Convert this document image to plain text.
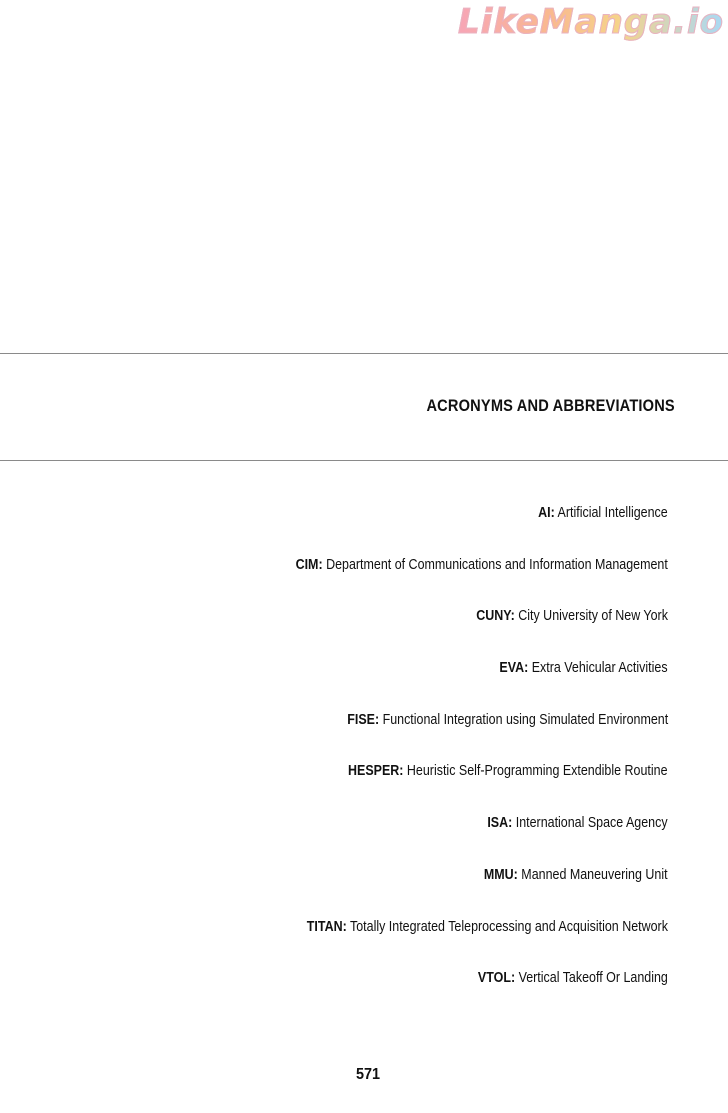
LikeManga.io
ACRONYMS AND ABBREVIATIONS
AI: Artificial Intelligence
CIM: Department of Communications and Information Management
CUNY: City University of New York
EVA: Extra Vehicular Activities
FISE: Functional Integration using Simulated Environment
HESPER: Heuristic Self-Programming Extendible Routine
ISA: International Space Agency
MMU: Manned Maneuvering Unit
TITAN: Totally Integrated Teleprocessing and Acquisition Network
VTOL: Vertical Takeoff Or Landing
571
